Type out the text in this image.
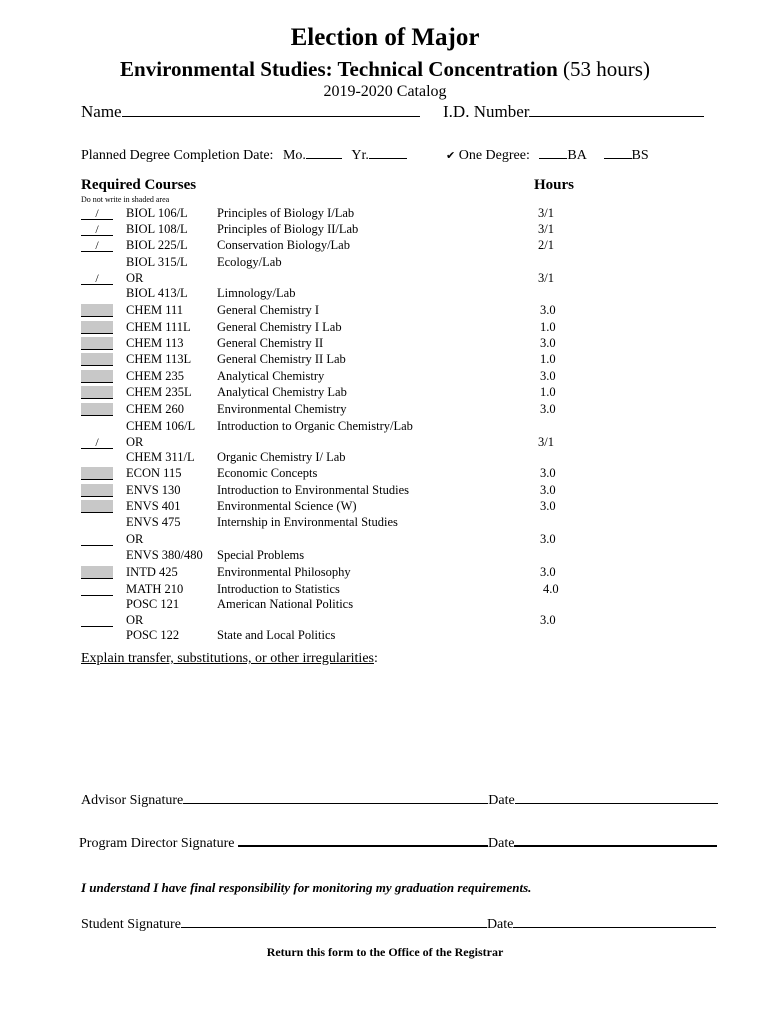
Election of Major
Environmental Studies: Technical Concentration (53 hours)
2019-2020 Catalog
Name	I.D. Number
Planned Degree Completion Date: Mo.	Yr.	✔ One Degree:	BA	BS
Required Courses	Hours
Do not write in shaded area
/	BIOL 106/L Principles of Biology I/Lab	3/1
/	BIOL 108/L Principles of Biology II/Lab	3/1
/	BIOL 225/L Conservation Biology/Lab	2/1
BIOL 315/L Ecology/Lab
/	OR	3/1
BIOL 413/L Limnology/Lab
CHEM 111	General Chemistry I	3.0
CHEM 111L General Chemistry I Lab	1.0
CHEM 113	General Chemistry II	3.0
CHEM 113L General Chemistry II Lab	1.0
CHEM 235	Analytical Chemistry	3.0
CHEM 235L Analytical Chemistry Lab	1.0
CHEM 260	Environmental Chemistry	3.0
CHEM 106/L Introduction to Organic Chemistry/Lab
/	OR	3/1
CHEM 311/L Organic Chemistry I/ Lab
ECON 115	Economic Concepts	3.0
ENVS 130	Introduction to Environmental Studies	3.0
ENVS 401	Environmental Science (W)	3.0
ENVS 475	Internship in Environmental Studies
OR	3.0
ENVS 380/480 Special Problems
INTD 425	Environmental Philosophy	3.0
MATH 210	Introduction to Statistics	4.0
POSC 121	American National Politics
OR	3.0
POSC 122	State and Local Politics
Explain transfer, substitutions, or other irregularities:
Advisor Signature	Date
Program Director Signature	Date
I understand I have final responsibility for monitoring my graduation requirements.
Student Signature	Date
Return this form to the Office of the Registrar
